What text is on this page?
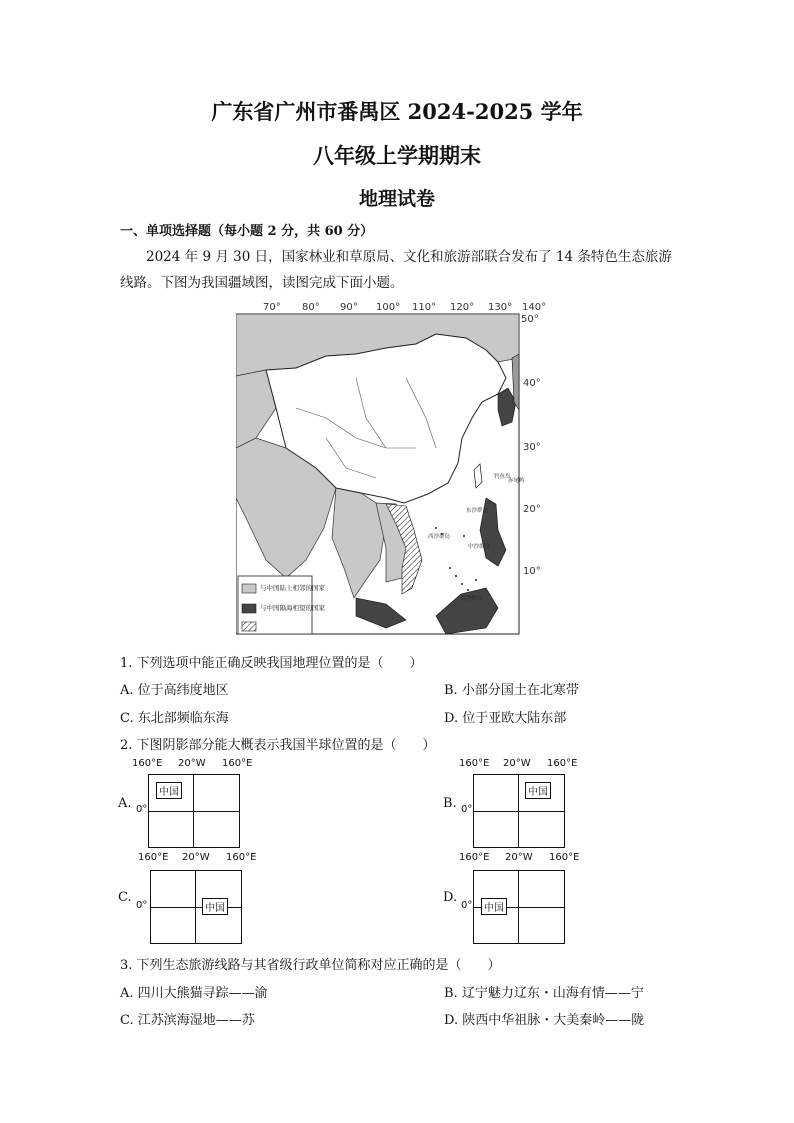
广东省广州市番禺区 2024-2025 学年
八年级上学期期末
地理试卷
一、单项选择题（每小题 2 分，共 60 分）
2024 年 9 月 30 日，国家林业和草原局、文化和旅游部联合发布了 14 条特色生态旅游
线路。下图为我国疆域图，读图完成下面小题。
70° 80° 90° 100° 110° 120° 130° 140°
50°
40°
30°
20°
10°
钓鱼岛
赤尾屿
东沙群岛
西沙群岛
中沙群岛
南沙群岛
与中国陆上相邻的国家
与中国隔海相望的国家
1. 下列选项中能正确反映我国地理位置的是（　　）
A. 位于高纬度地区	B. 小部分国土在北寒带
C. 东北部频临东海	D. 位于亚欧大陆东部
2. 下图阴影部分能大概表示我国半球位置的是（　　）
160°E 20°W 160°E
A. 0°
中国
160°E 20°W 160°E
B. 0°
中国
160°E 20°W 160°E
C.
0°	中国
160°E 20°W 160°E
D.
0°	中国
3. 下列生态旅游线路与其省级行政单位简称对应正确的是（　　）
A. 四川大熊猫寻踪——渝	B. 辽宁魅力辽东・山海有情——宁
C. 江苏滨海湿地——苏	D. 陕西中华祖脉・大美秦岭——陇
